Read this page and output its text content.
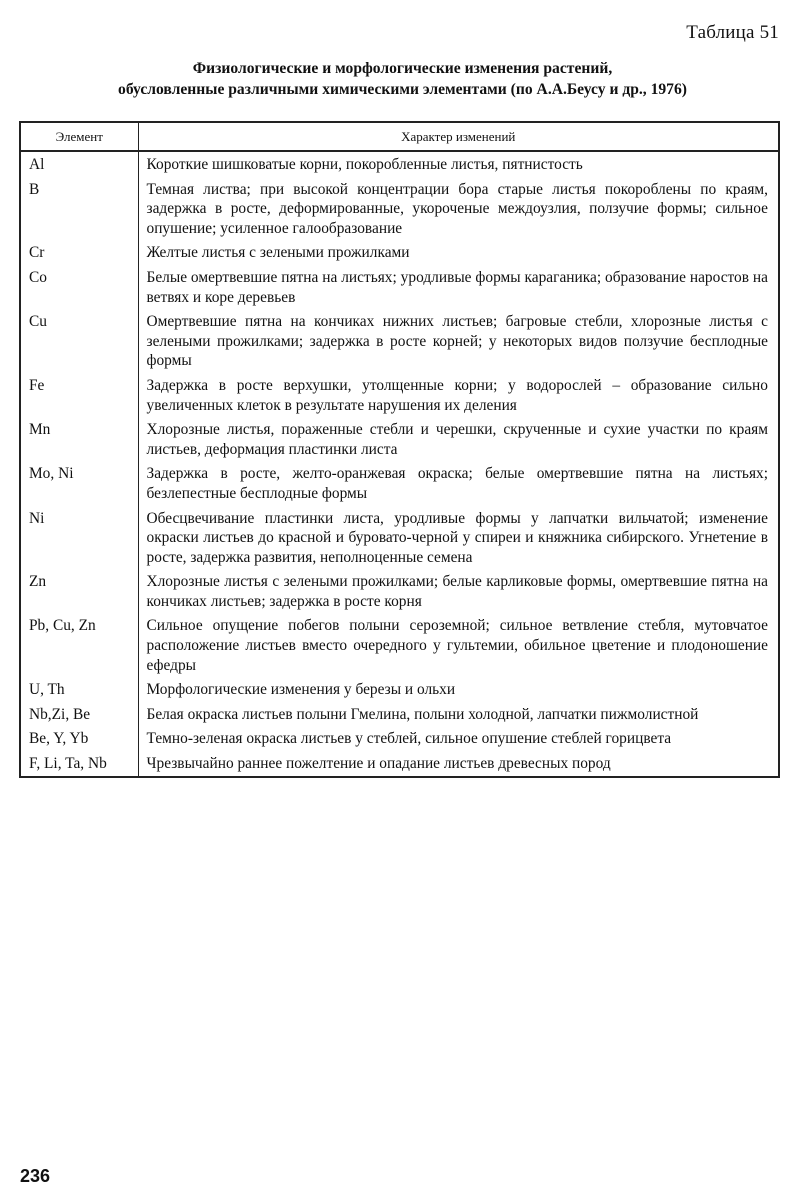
Таблица 51
Физиологические и морфологические изменения растений,
обусловленные различными химическими элементами (по А.А.Беусу и др., 1976)
Элемент	Характер изменений
Al	Короткие шишковатые корни, покоробленные листья, пятнистость
B	Темная листва; при высокой концентрации бора старые листья покороблены по краям, задержка в росте, деформированные, укороченые междоузлия, ползучие формы; сильное опушение; усиленное галообразование
Cr	Желтые листья с зелеными прожилками
Co	Белые омертвевшие пятна на листьях; уродливые формы караганика; образование наростов на ветвях и коре деревьев
Cu	Омертвевшие пятна на кончиках нижних листьев; багровые стебли, хлорозные листья с зелеными прожилками; задержка в росте корней; у некоторых видов ползучие бесплодные формы
Fe	Задержка в росте верхушки, утолщенные корни; у водорослей – образование сильно увеличенных клеток в результате нарушения их деления
Mn	Хлорозные листья, пораженные стебли и черешки, скрученные и сухие участки по краям листьев, деформация пластинки листа
Mo, Ni	Задержка в росте, желто-оранжевая окраска; белые омертвевшие пятна на листьях; безлепестные бесплодные формы
Ni	Обесцвечивание пластинки листа, уродливые формы у лапчатки вильчатой; изменение окраски листьев до красной и буровато-черной у спиреи и княжника сибирского. Угнетение в росте, задержка развития, неполноценные семена
Zn	Хлорозные листья с зелеными прожилками; белые карликовые формы, омертвевшие пятна на кончиках листьев; задержка в росте корня
Pb, Cu, Zn	Сильное опущение побегов полыни сероземной; сильное ветвление стебля, мутовчатое расположение листьев вместо очередного у гультемии, обильное цветение и плодоношение ефедры
U, Th	Морфологические изменения у березы и ольхи
Nb,Zi, Be	Белая окраска листьев полыни Гмелина, полыни холодной, лапчатки пижмолистной
Be, Y, Yb	Темно-зеленая окраска листьев у стеблей, сильное опушение стеблей горицвета
F, Li, Ta, Nb	Чрезвычайно раннее пожелтение и опадание листьев древесных пород
236
